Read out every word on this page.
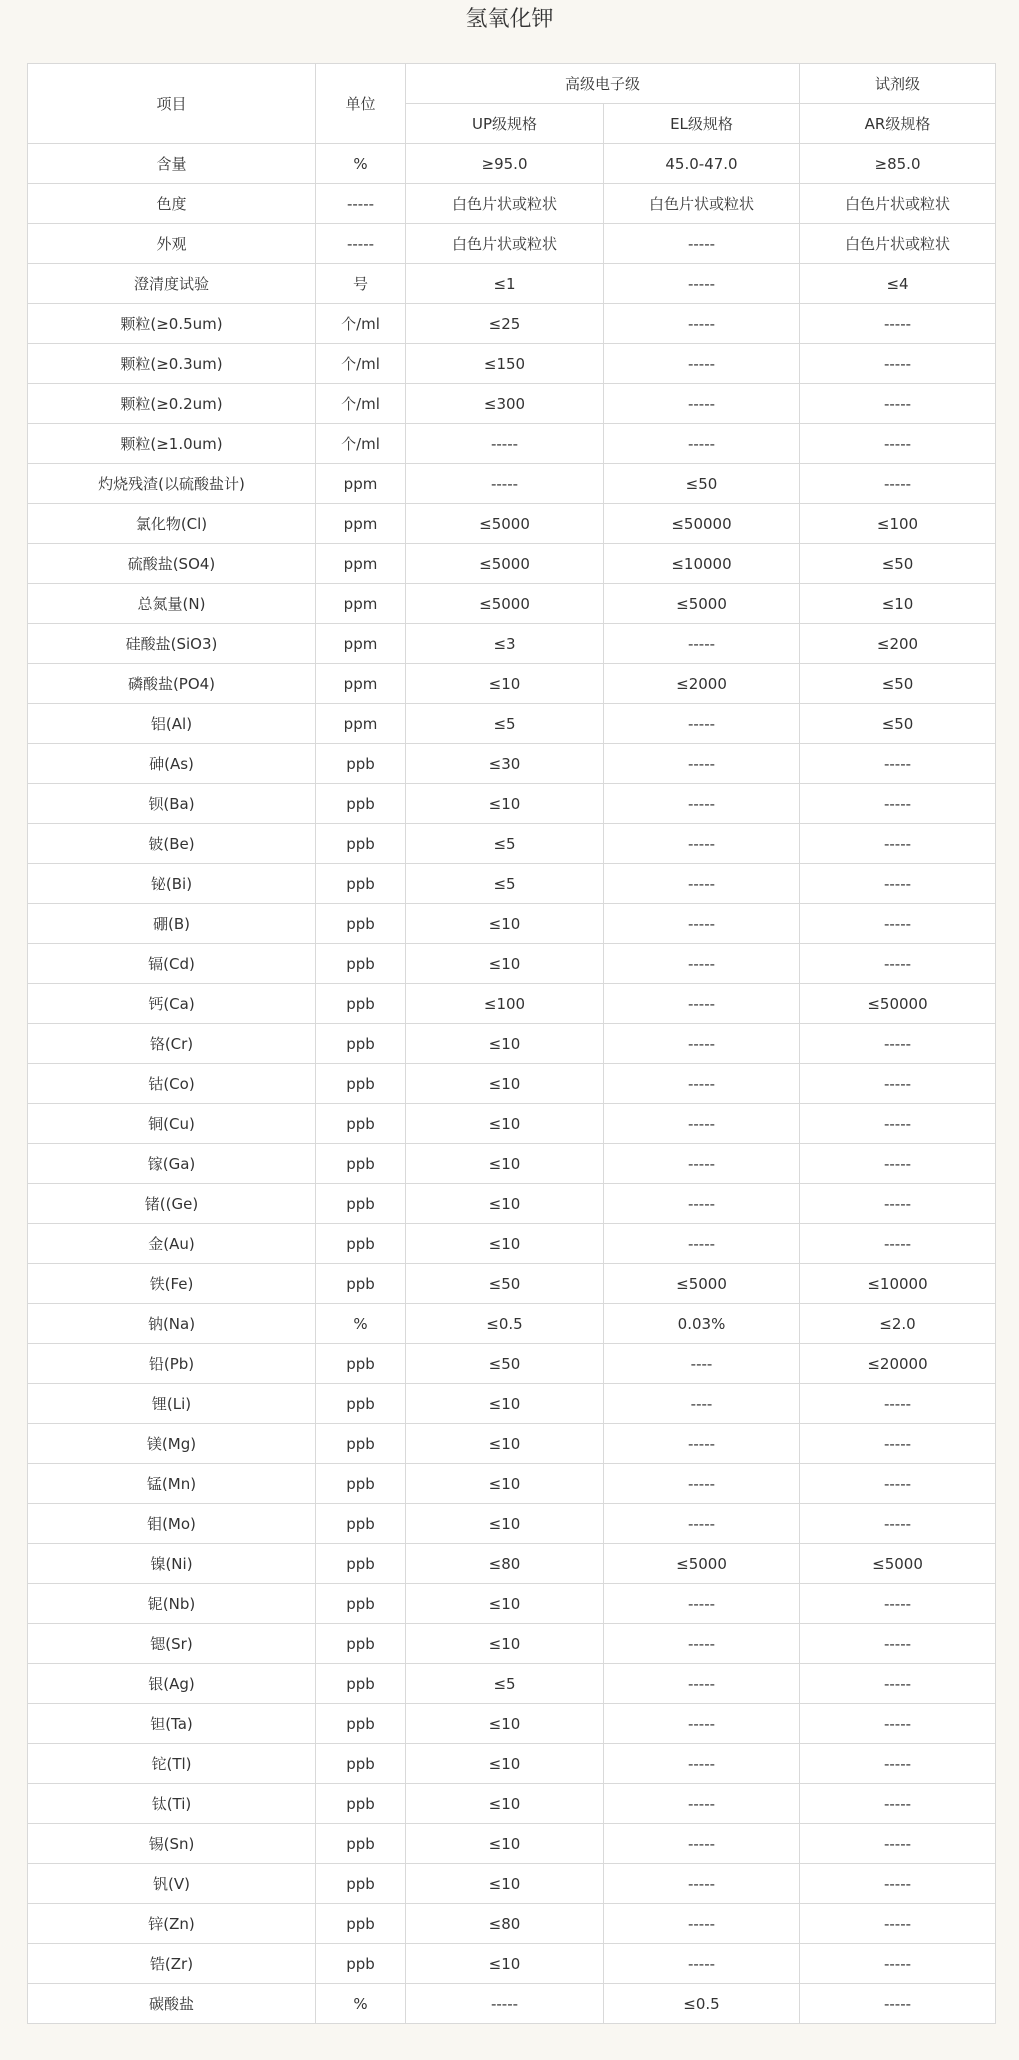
氢氧化钾
项目	单位	高级电子级		试剂级
		UP级规格	EL级规格	AR级规格
含量	%	≥95.0	45.0-47.0	≥85.0
色度	-----	白色片状或粒状	白色片状或粒状	白色片状或粒状
外观	-----	白色片状或粒状	-----	白色片状或粒状
澄清度试验	号	≤1	-----	≤4
颗粒(≥0.5um)	个/ml	≤25	-----	-----
颗粒(≥0.3um)	个/ml	≤150	-----	-----
颗粒(≥0.2um)	个/ml	≤300	-----	-----
颗粒(≥1.0um)	个/ml	-----	-----	-----
灼烧残渣(以硫酸盐计)	ppm	-----	≤50	-----
氯化物(Cl)	ppm	≤5000	≤50000	≤100
硫酸盐(SO4)	ppm	≤5000	≤10000	≤50
总氮量(N)	ppm	≤5000	≤5000	≤10
硅酸盐(SiO3)	ppm	≤3	-----	≤200
磷酸盐(PO4)	ppm	≤10	≤2000	≤50
铝(Al)	ppm	≤5	-----	≤50
砷(As)	ppb	≤30	-----	-----
钡(Ba)	ppb	≤10	-----	-----
铍(Be)	ppb	≤5	-----	-----
铋(Bi)	ppb	≤5	-----	-----
硼(B)	ppb	≤10	-----	-----
镉(Cd)	ppb	≤10	-----	-----
钙(Ca)	ppb	≤100	-----	≤50000
铬(Cr)	ppb	≤10	-----	-----
钴(Co)	ppb	≤10	-----	-----
铜(Cu)	ppb	≤10	-----	-----
镓(Ga)	ppb	≤10	-----	-----
锗((Ge)	ppb	≤10	-----	-----
金(Au)	ppb	≤10	-----	-----
铁(Fe)	ppb	≤50	≤5000	≤10000
钠(Na)	%	≤0.5	0.03%	≤2.0
铅(Pb)	ppb	≤50	----	≤20000
锂(Li)	ppb	≤10	----	-----
镁(Mg)	ppb	≤10	-----	-----
锰(Mn)	ppb	≤10	-----	-----
钼(Mo)	ppb	≤10	-----	-----
镍(Ni)	ppb	≤80	≤5000	≤5000
铌(Nb)	ppb	≤10	-----	-----
锶(Sr)	ppb	≤10	-----	-----
银(Ag)	ppb	≤5	-----	-----
钽(Ta)	ppb	≤10	-----	-----
铊(Tl)	ppb	≤10	-----	-----
钛(Ti)	ppb	≤10	-----	-----
锡(Sn)	ppb	≤10	-----	-----
钒(V)	ppb	≤10	-----	-----
锌(Zn)	ppb	≤80	-----	-----
锆(Zr)	ppb	≤10	-----	-----
碳酸盐	%	-----	≤0.5	-----
